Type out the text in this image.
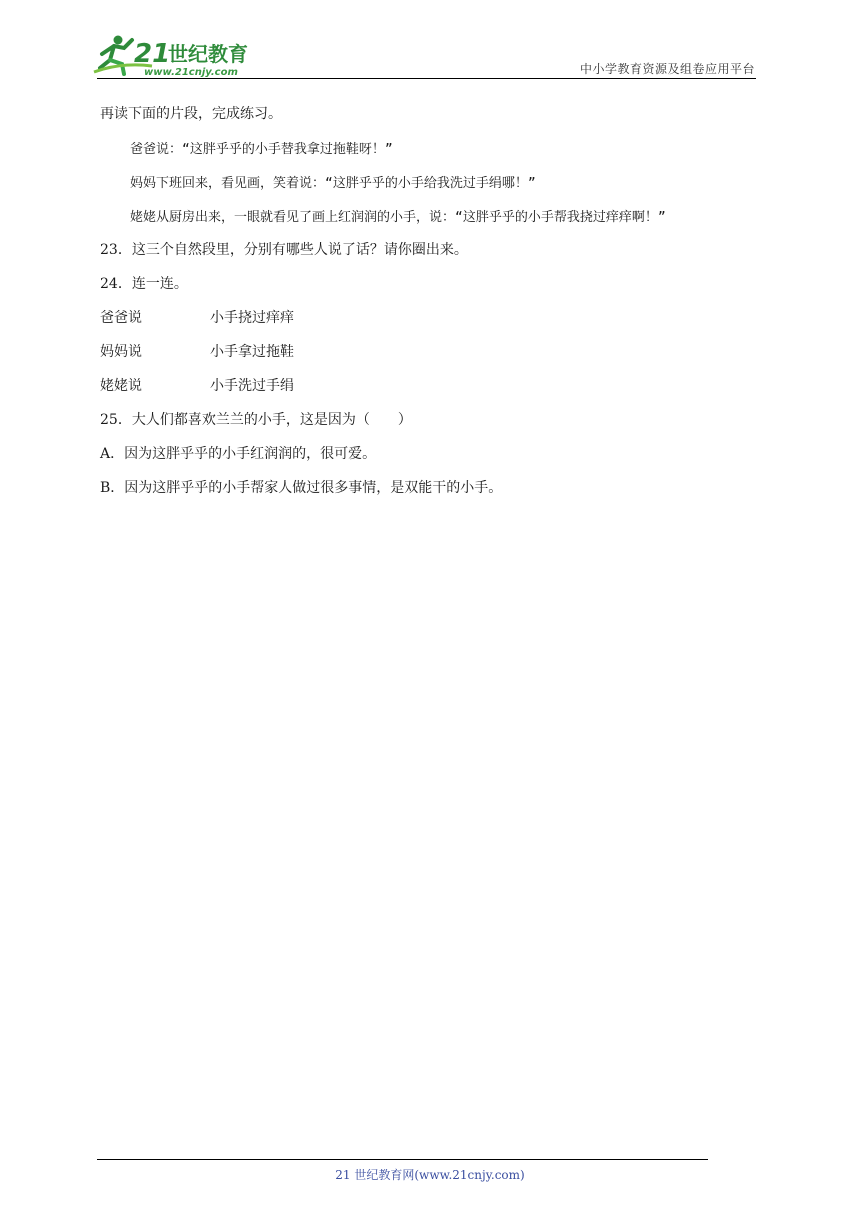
21
世纪教育
www.21cnjy.com	中小学教育资源及组卷应用平台
再读下面的片段，完成练习。
爸爸说：“这胖乎乎的小手替我拿过拖鞋呀！”
妈妈下班回来，看见画，笑着说：“这胖乎乎的小手给我洗过手绢哪！”
姥姥从厨房出来，一眼就看见了画上红润润的小手，说：“这胖乎乎的小手帮我挠过痒痒啊！”
23．这三个自然段里，分别有哪些人说了话？请你圈出来。
24．连一连。
爸爸说	小手挠过痒痒
妈妈说	小手拿过拖鞋
姥姥说	小手洗过手绢
25．大人们都喜欢兰兰的小手，这是因为（　　）
A．因为这胖乎乎的小手红润润的，很可爱。
B．因为这胖乎乎的小手帮家人做过很多事情，是双能干的小手。
21 世纪教育网(www.21cnjy.com)
